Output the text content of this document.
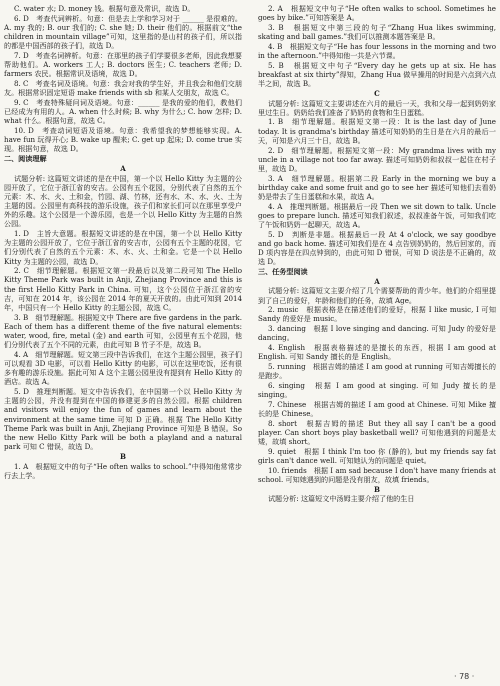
C. water 水; D. money 钱。根据句意及常识，故选 D。

6. D　考查代词辨析。句意：但是去上学和学习对于 ______ 是很难的。A. my 我的; B. our 我们的; C. she 她; D. their 他们的。根据前文“the children in mountain village”可知，这里指的是山村的孩子们，所以指的都是中国西部的孩子们，故选 D。

7. D　考查名词辨析。句意：在那里的孩子们学要很多老师，因此我想要帮助他们。A. workers 工人; B. doctors 医生; C. teachers 老师; D. farmers 农民。根据常识及语境，故选 D。

8. C　考查名词及语境。句意：我会对我的学生好，并且我会和他们交朋友。根据常识固定短语 make friends with sb 和某人交朋友，故选 C。

9. C　考查特殊疑问词及语境。句意：______ 是我的爱的他们，教他们已经成为有用的人。A. when 什么时候; B. why 为什么; C. how 怎样; D. what 什么。根据句意，故选 C。

10. D　考查动词短语及语境。句意：我希望我的梦想能够实现。A. have fun 玩得开心; B. wake up 醒来; C. get up 起床; D. come true 实现。根据句意，故选 D。

二、阅读理解

A

试题分析: 这篇短文讲述的是在中国，第一个以 Hello Kitty 为主题的公园开放了，它位于浙江省的安吉。公园有五个花园，分别代表了自然的五个元素：木、水、火、土和金，竹园、湖、竹林，还有水、木、水、火、土为主题的园。公园里有高科技的游乐设施，孩子们和家长们可以在那里享受户外的乐趣。这个公园是一个游乐园，也是一个以 Hello Kitty 为主题的自然公园。

1. D　主旨大意题。根据短文讲述的是在中国，第一个以 Hello Kitty 为主题的公园开放了，它位于浙江省的安吉市，公园有五个主题的花园，它们分别代表了自然的五个元素：木、水、火、土和金。它是一个以 Hello Kitty 为主题的公园，故选 D。

2. C　细节理解题。根据短文第一段最后以及第二段可知 The Hello Kitty Theme Park was built in Anji, Zhejiang Province and this is the first Hello Kitty Park in China. 可知，这个公园位于浙江省的安吉，可知在 2014 年，该公园在 2014 年的夏天开放的。由此可知到 2014 年，中国只有一个 Hello Kitty 的主题公园，故选 C。

3. B　细节理解题。根据短文中 There are five gardens in the park. Each of them has a different theme of the five natural elements: water, wood, fire, metal (金) and earth 可知，公园里有五个花园，他们分别代表了五个不同的元素，由此可知 B 竹子不是，故选 B。

4. A　细节理解题。短文第三段中告诉我们，在这个主题公园里，孩子们可以观看 3D 电影，可以看 Hello Kitty 的电影，可以在这里吃饭，还有很多有趣的游乐设施。据此可知 A 这个主题公园里没有提到有 Hello Kitty 的酒店。故选 A。

5. D　推理判断题。短文中告诉我们，在中国第一个以 Hello Kitty 为主题的公园，并没有提到在中国的修建更多的自然公园。根据 children and visitors will enjoy the fun of games and learn about the environment at the same time 可知 D 正确。根据 The Hello Kitty Theme Park was built in Anji, Zhejiang Province 可知是 B 错误。So the new Hello Kitty Park will be both a playland and a natural park 可知 C 错误，故选 D。

B

1. A　根据短文中的句子“He often walks to school.”中得知他常常步行去上学。

2. A　根据短文中句子“He often walks to school. Sometimes he goes by bike.”可知答案是 A。

3. B　根据短文中第三段的句子“Zhang Hua likes swimming, skating and ball games.”我们可以推测本题答案是 B。

4. B　根据短文句子“He has four lessons in the morning and two in the afternoon.”中得知他一共是六节课。

5. B　根据短文中句子“Every day he gets up at six. He has breakfast at six thirty”得知，Zhang Hua 做早操用的时间是六点到六点半之间，故选 B。

C

试题分析: 这篇短文主要讲述在六月的最后一天，我和父母一起到奶奶家里过生日。奶奶给我们准备了奶奶的食物和生日蛋糕。

1. B　细节理解题。根据短文第一段：It is the last day of June today. It is grandma's birthday 描述可知奶奶的生日是在六月的最后一天，可知是六月三十日，故选 B。

2. D　细节理解题。根据短文第一段：My grandma lives with my uncle in a village not too far away. 描述可知奶奶和叔叔一起住在村子里，故选 D。

3. A　细节理解题。根据第二段 Early in the morning we buy a birthday cake and some fruit and go to see her 描述可知他们去看奶奶是带去了生日蛋糕和水果，故选 A。

4. A　推理判断题。根据最后一段 Then we sit down to talk. Uncle goes to prepare lunch. 描述可知我们叙述，叔叔准备午饭，可知我们吃了午饭和奶奶一起聊天，故选 A。

5. D　判断是非题。根据最后一段 At 4 o'clock, we say goodbye and go back home. 描述可知我们是在 4 点告别奶奶的，然后回家的，而 D 项内容是在四点钟到的，由此可知 D 错误，可知 D 说法是不正确的，故选 D。

三、任务型阅读

A

试题分析: 这篇短文主要介绍了几个需要帮助的青少年。他们的介绍里提到了自己的爱好，年龄和他们的任务，故填 Age。

2. music　根据表格是在描述他们的爱好，根据 I like music, I 可知 Sandy 的爱好是 music。

3. dancing　根据 I love singing and dancing. 可知 Judy 的爱好是 dancing。

4. English　根据表格描述的是擅长的东西，根据 I am good at English. 可知 Sandy 擅长的是 English。

5. running　根据吉姆的描述 I am good at running 可知吉姆擅长的是跑步。

6. singing　根据 I am good at singing. 可知 Judy 擅长的是 singing。

7. Chinese　根据吉姆的描述 I am good at Chinese. 可知 Mike 擅长的是 Chinese。

8. short　根据吉姆的描述 But they all say I can't be a good player. Can short boys play basketball well? 可知他遇到的问题是太矮，故填 short。

9. quiet　根据 I think I'm too 你 (静的), but my friends say fat girls can't dance well. 可知她认为的问题是 quiet。

10. friends　根据 I am sad because I don't have many friends at school. 可知她遇到的问题是没有朋友，故填 friends。

B

试题分析: 这篇短文中汤姆主要介绍了他的生日

· 78 ·
